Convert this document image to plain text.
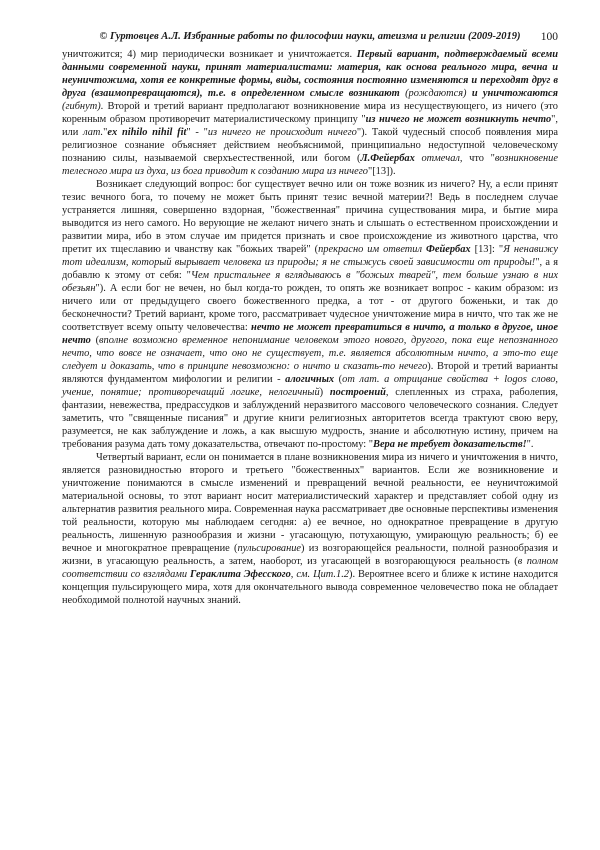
© Гуртовцев А.Л. Избранные работы по философии науки, атеизма и религии (2009-2019) 100

уничтожится; 4) мир периодически возникает и уничтожается. Первый вариант, подтверждаемый всеми данными современной науки, принят материалистами: материя, как основа реального мира, вечна и неуничтожима, хотя ее конкретные формы, виды, состояния постоянно изменяются и переходят друг в друга (взаимопревращаются), т.е. в определенном смысле возникают (рождаются) и уничтожаются (гибнут). Второй и третий вариант предполагают возникновение мира из несуществующего, из ничего (это коренным образом противоречит материалистическому принципу "из ничего не может возникнуть нечто", или лат."ex nihilo nihil fit" - "из ничего не происходит ничего"). Такой чудесный способ появления мира религиозное сознание объясняет действием необъяснимой, принципиально недоступной человеческому познанию силы, называемой сверхъестественной, или богом (Л.Фейербах отмечал, что "возникновение телесного мира из духа, из бога приводит к созданию мира из ничего"[13]).

Возникает следующий вопрос: бог существует вечно или он тоже возник из ничего? Ну, а если принят тезис вечного бога, то почему не может быть принят тезис вечной материи?! Ведь в последнем случае устраняется лишняя, совершенно вздорная, "божественная" причина существования мира, и бытие мира выводится из него самого. Но верующие не желают ничего знать и слышать о естественном происхождении и развитии мира, ибо в этом случае им придется признать и свое происхождение из животного царства, что претит их тщеславию и чванству как "божьих тварей" (прекрасно им ответил Фейербах [13]: "Я ненавижу тот идеализм, который вырывает человека из природы; я не стыжусь своей зависимости от природы!", а я добавлю к этому от себя: "Чем пристальнее я вглядываюсь в "божьих тварей", тем больше узнаю в них обезьян"). А если бог не вечен, но был когда-то рожден, то опять же возникает вопрос - каким образом: из ничего или от предыдущего своего божественного предка, а тот - от другого боженьки, и так до бесконечности? Третий вариант, кроме того, рассматривает чудесное уничтожение мира в ничто, что так же не соответствует всему опыту человечества: нечто не может превратиться в ничто, а только в другое, иное нечто (вполне возможно временное непонимание человеком этого нового, другого, пока еще непознанного нечто, что вовсе не означает, что оно не существует, т.е. является абсолютным ничто, а это-то еще следует и доказать, что в принципе невозможно: о ничто и сказать-то нечего). Второй и третий варианты являются фундаментом мифологии и религии - алогичных (от лат. a отрицание свойства + logos слово, учение, понятие; противоречащий логике, нелогичный) построений, слепленных из страха, раболепия, фантазии, невежества, предрассудков и заблуждений неразвитого массового человеческого сознания. Следует заметить, что "священные писания" и другие книги религиозных авторитетов всегда трактуют свою веру, разумеется, не как заблуждение и ложь, а как высшую мудрость, знание и абсолютную истину, причем на требования разума дать тому доказательства, отвечают по-простому: "Вера не требует доказательств!".

Четвертый вариант, если он понимается в плане возникновения мира из ничего и уничтожения в ничто, является разновидностью второго и третьего "божественных" вариантов. Если же возникновение и уничтожение понимаются в смысле изменений и превращений вечной реальности, ее неуничтожимой материальной основы, то этот вариант носит материалистический характер и представляет собой одну из альтернатив развития реального мира. Современная наука рассматривает две основные перспективы изменения той реальности, которую мы наблюдаем сегодня: а) ее вечное, но однократное превращение в другую реальность, лишенную разнообразия и жизни - угасающую, потухающую, умирающую реальность; б) ее вечное и многократное превращение (пульсирование) из возгорающейся реальности, полной разнообразия и жизни, в угасающую реальность, а затем, наоборот, из угасающей в возгорающуюся реальность (в полном соответствии со взглядами Гераклита Эфесского, см. Цит.1.2). Вероятнее всего и ближе к истине находится концепция пульсирующего мира, хотя для окончательного вывода современное человечество пока не обладает необходимой полнотой научных знаний.
